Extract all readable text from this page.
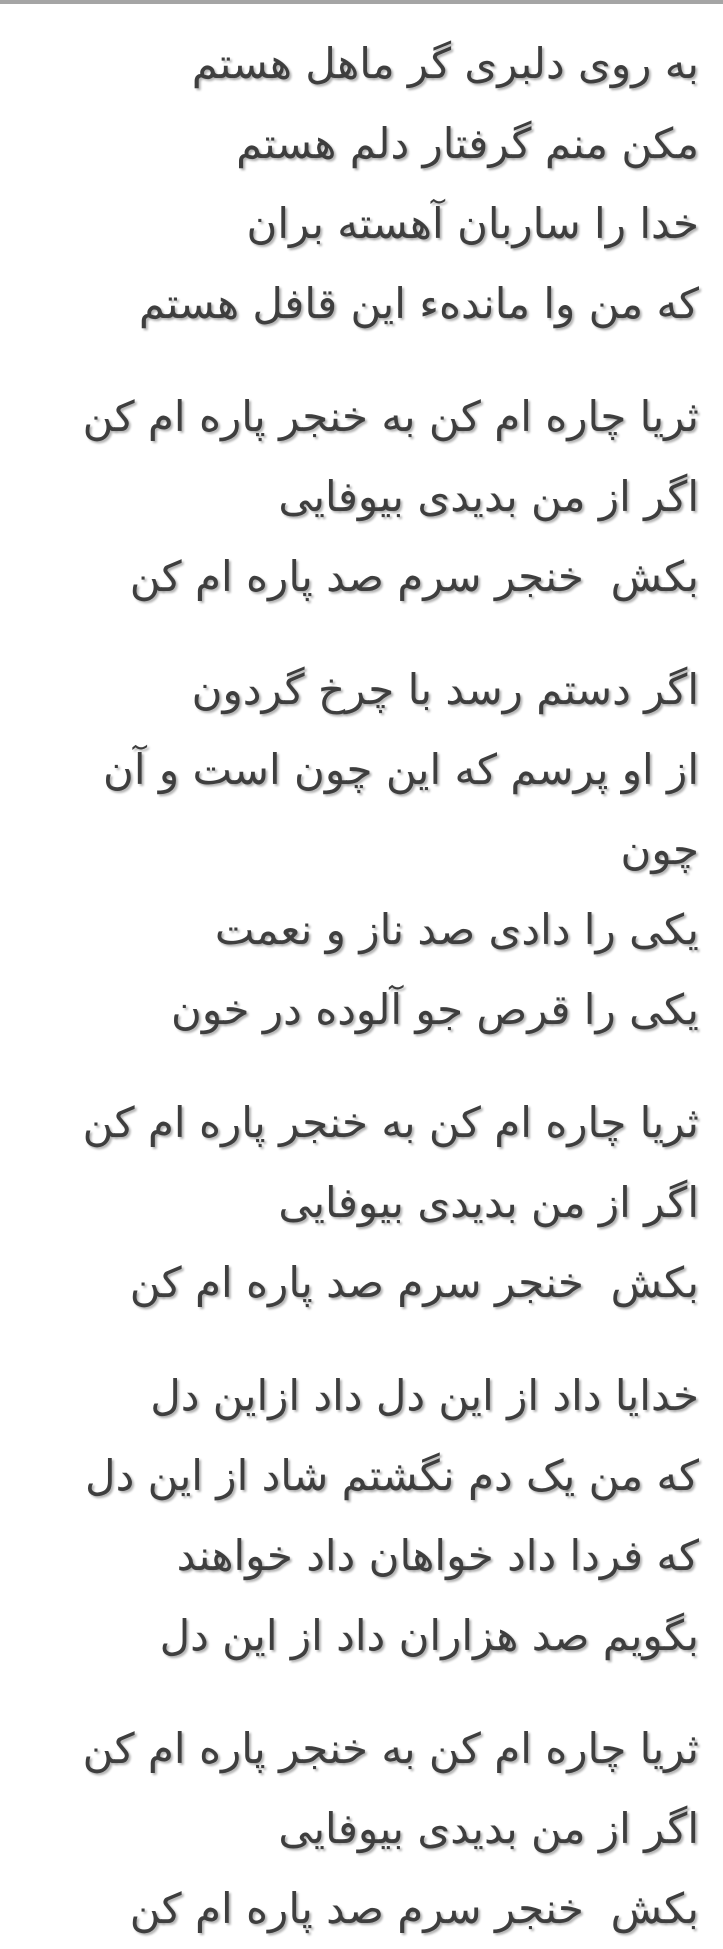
به روی دلبری گر ماهل هستم
مکن منم گرفتار دلم هستم
خدا را ساربان آهسته بران
که من وا ماندهء این قافل هستم
ثریا چاره ام کن به خنجر پاره ام کن
اگر از من بدیدی بیوفایی
بکش  خنجر سرم صد پاره ام کن
اگر دستم رسد با چرخ گردون
از او پرسم که این چون است و آن چون
یکی را دادی صد ناز و نعمت
یکی را قرص جو آلوده در خون
ثریا چاره ام کن به خنجر پاره ام کن
اگر از من بدیدی بیوفایی
بکش  خنجر سرم صد پاره ام کن
خدایا داد از این دل داد ازاین دل
که من یک دم نگشتم شاد از این دل
که فردا داد خواهان داد خواهند
بگویم صد هزاران داد از این دل
ثریا چاره ام کن به خنجر پاره ام کن
اگر از من بدیدی بیوفایی
بکش  خنجر سرم صد پاره ام کن
